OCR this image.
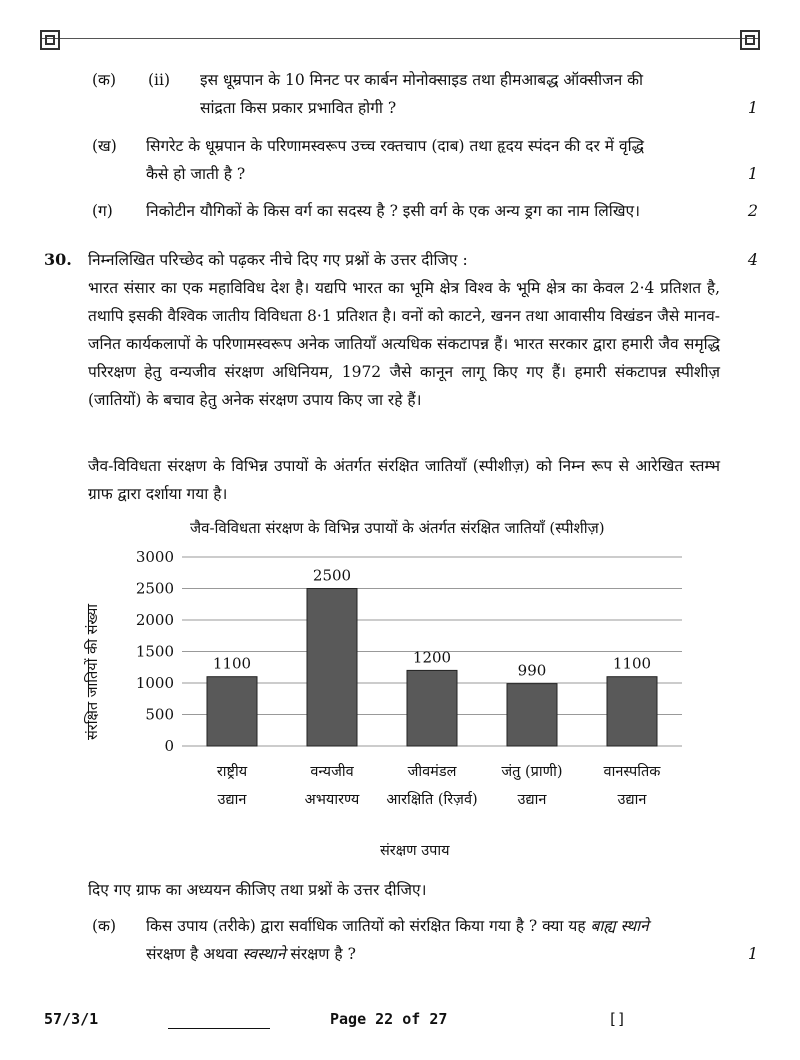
(क) (ii) इस धूम्रपान के 10 मिनट पर कार्बन मोनोक्साइड तथा हीमआबद्ध ऑक्सीजन की
सांद्रता किस प्रकार प्रभावित होगी ?	1
(ख) सिगरेट के धूम्रपान के परिणामस्वरूप उच्च रक्तचाप (दाब) तथा हृदय स्पंदन की दर में वृद्धि
कैसे हो जाती है ?	1
(ग) निकोटीन यौगिकों के किस वर्ग का सदस्य है ? इसी वर्ग के एक अन्य ड्रग का नाम लिखिए।	2
30. निम्नलिखित परिच्छेद को पढ़कर नीचे दिए गए प्रश्नों के उत्तर दीजिए :	4
भारत संसार का एक महाविविध देश है। यद्यपि भारत का भूमि क्षेत्र विश्व के भूमि क्षेत्र का केवल 2·4 प्रतिशत है, तथापि इसकी वैश्विक जातीय विविधता 8·1 प्रतिशत है। वनों को काटने, खनन तथा आवासीय विखंडन जैसे मानव-जनित कार्यकलापों के परिणामस्वरूप अनेक जातियाँ अत्यधिक संकटापन्न हैं। भारत सरकार द्वारा हमारी जैव समृद्धि परिरक्षण हेतु वन्यजीव संरक्षण अधिनियम, 1972 जैसे कानून लागू किए गए हैं। हमारी संकटापन्न स्पीशीज़ (जातियों) के बचाव हेतु अनेक संरक्षण उपाय किए जा रहे हैं।
जैव-विविधता संरक्षण के विभिन्न उपायों के अंतर्गत संरक्षित जातियाँ (स्पीशीज़) को निम्न रूप से आरेखित स्तम्भ ग्राफ द्वारा दर्शाया गया है।
जैव-विविधता संरक्षण के विभिन्न उपायों के अंतर्गत संरक्षित जातियाँ (स्पीशीज़)
संरक्षित जातियों की संख्या
0
500
1000
1500
2000
2500
3000
1100
राष्ट्रीय
उद्यान
2500
वन्यजीव
अभयारण्य
1200
जीवमंडल
आरक्षिति (रिज़र्व)
990
जंतु (प्राणी)
उद्यान
1100
वानस्पतिक
उद्यान
संरक्षण उपाय
दिए गए ग्राफ का अध्ययन कीजिए तथा प्रश्नों के उत्तर दीजिए।
(क) किस उपाय (तरीके) द्वारा सर्वाधिक जातियों को संरक्षित किया गया है ? क्या यह बाह्य स्थाने
संरक्षण है अथवा स्वस्थाने संरक्षण है ?	1
57/3/1	Page 22 of 27	[]
